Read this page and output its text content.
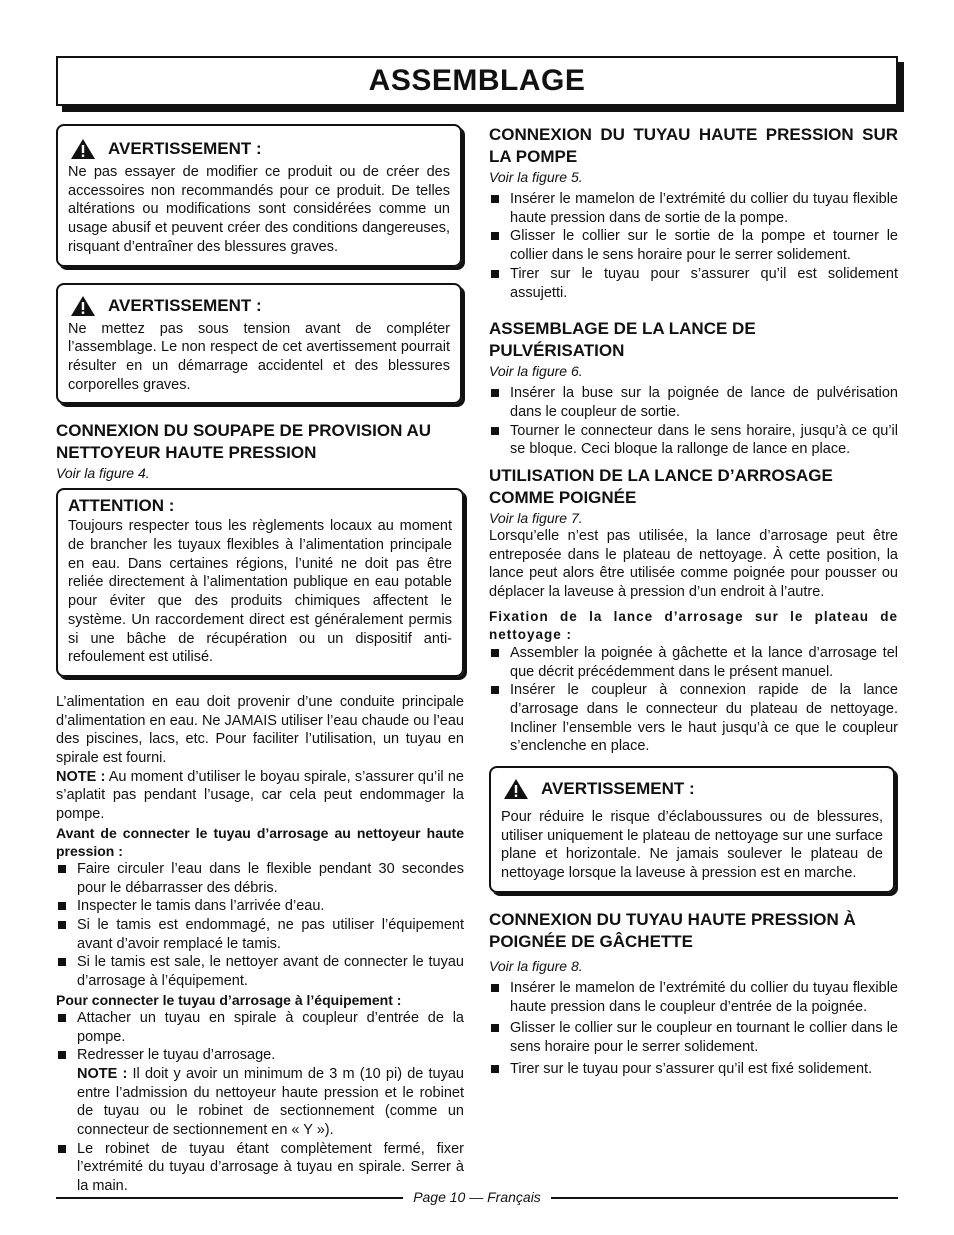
ASSEMBLAGE
AVERTISSEMENT :

Ne pas essayer de modifier ce produit ou de créer des accessoires non recommandés pour ce produit. De telles altérations ou modifications sont considérées comme un usage abusif et peuvent créer des conditions dangereuses, risquant d’entraîner des blessures graves.

AVERTISSEMENT :

Ne mettez pas sous tension avant de compléter l’assemblage. Le non respect de cet avertissement pourrait résulter en un démarrage accidentel et des blessures corporelles graves.

CONNEXION DU SOUPAPE DE PROVISION AU NETTOYEUR HAUTE PRESSION

Voir la figure 4.

ATTENTION :

Toujours respecter tous les règlements locaux au moment de brancher les tuyaux flexibles à l’alimentation principale en eau. Dans certaines régions, l’unité ne doit pas être reliée directement à l’alimentation publique en eau potable pour éviter que des produits chimiques affectent le système. Un raccordement direct est généralement permis si une bâche de récupération ou un dispositif anti-refoulement est utilisé.

L’alimentation en eau doit provenir d’une conduite principale d’alimentation en eau. Ne JAMAIS utiliser l’eau chaude ou l’eau des piscines, lacs, etc. Pour faciliter l’utilisation, un tuyau en spirale est fourni.

NOTE : Au moment d’utiliser le boyau spirale, s’assurer qu’il ne s’aplatit pas pendant l’usage, car cela peut endommager la pompe.

Avant de connecter le tuyau d’arrosage au nettoyeur haute pression :

Faire circuler l’eau dans le flexible pendant 30 secondes pour le débarrasser des débris.
Inspecter le tamis dans l’arrivée d’eau.
Si le tamis est endommagé, ne pas utiliser l’équipement avant d’avoir remplacé le tamis.
Si le tamis est sale, le nettoyer avant de connecter le tuyau d’arrosage à l’équipement.

Pour connecter le tuyau d’arrosage à l’équipement :

Attacher un tuyau en spirale à coupleur d’entrée de la pompe.
Redresser le tuyau d’arrosage.
NOTE : Il doit y avoir un minimum de 3 m (10 pi) de tuyau entre l’admission du nettoyeur haute pression et le robinet de tuyau ou le robinet de sectionnement (comme un connecteur de sectionnement en « Y »).
Le robinet de tuyau étant complètement fermé, fixer l’extrémité du tuyau d’arrosage à tuyau en spirale. Serrer à la main.
CONNEXION DU TUYAU HAUTE PRESSION SUR LA POMPE

Voir la figure 5.

Insérer le mamelon de l’extrémité du collier du tuyau flexible haute pression dans de sortie de la pompe.
Glisser le collier sur le sortie de la pompe et tourner le collier dans le sens horaire pour le serrer solidement.
Tirer sur le tuyau pour s’assurer qu’il est solidement assujetti.
ASSEMBLAGE DE LA LANCE DE PULVÉRISATION

Voir la figure 6.

Insérer la buse sur la poignée de lance de pulvérisation dans le coupleur de sortie.
Tourner le connecteur dans le sens horaire, jusqu’à ce qu’il se bloque. Ceci bloque la rallonge de lance en place.
UTILISATION DE LA LANCE D’ARROSAGE COMME POIGNÉE

Voir la figure 7.

Lorsqu’elle n’est pas utilisée, la lance d’arrosage peut être entreposée dans le plateau de nettoyage. À cette position, la lance peut alors être utilisée comme poignée pour pousser ou déplacer la laveuse à pression d’un endroit à l’autre.

Fixation de la lance d’arrosage sur le plateau de nettoyage :

Assembler la poignée à gâchette et la lance d’arrosage tel que décrit précédemment dans le présent manuel.
Insérer le coupleur à connexion rapide de la lance d’arrosage dans le connecteur du plateau de nettoyage. Incliner l’ensemble vers le haut jusqu’à ce que le coupleur s’enclenche en place.
AVERTISSEMENT :

Pour réduire le risque d’éclaboussures ou de blessures, utiliser uniquement le plateau de nettoyage sur une surface plane et horizontale. Ne jamais soulever le plateau de nettoyage lorsque la laveuse à pression est en marche.

CONNEXION DU TUYAU HAUTE PRESSION À POIGNÉE DE GÂCHETTE

Voir la figure 8.

Insérer le mamelon de l’extrémité du collier du tuyau flexible haute pression dans le coupleur d’entrée de la poignée.
Glisser le collier sur le coupleur en tournant le collier dans le sens horaire pour le serrer solidement.
Tirer sur le tuyau pour s’assurer qu’il est fixé solidement.
Page 10 — Français
